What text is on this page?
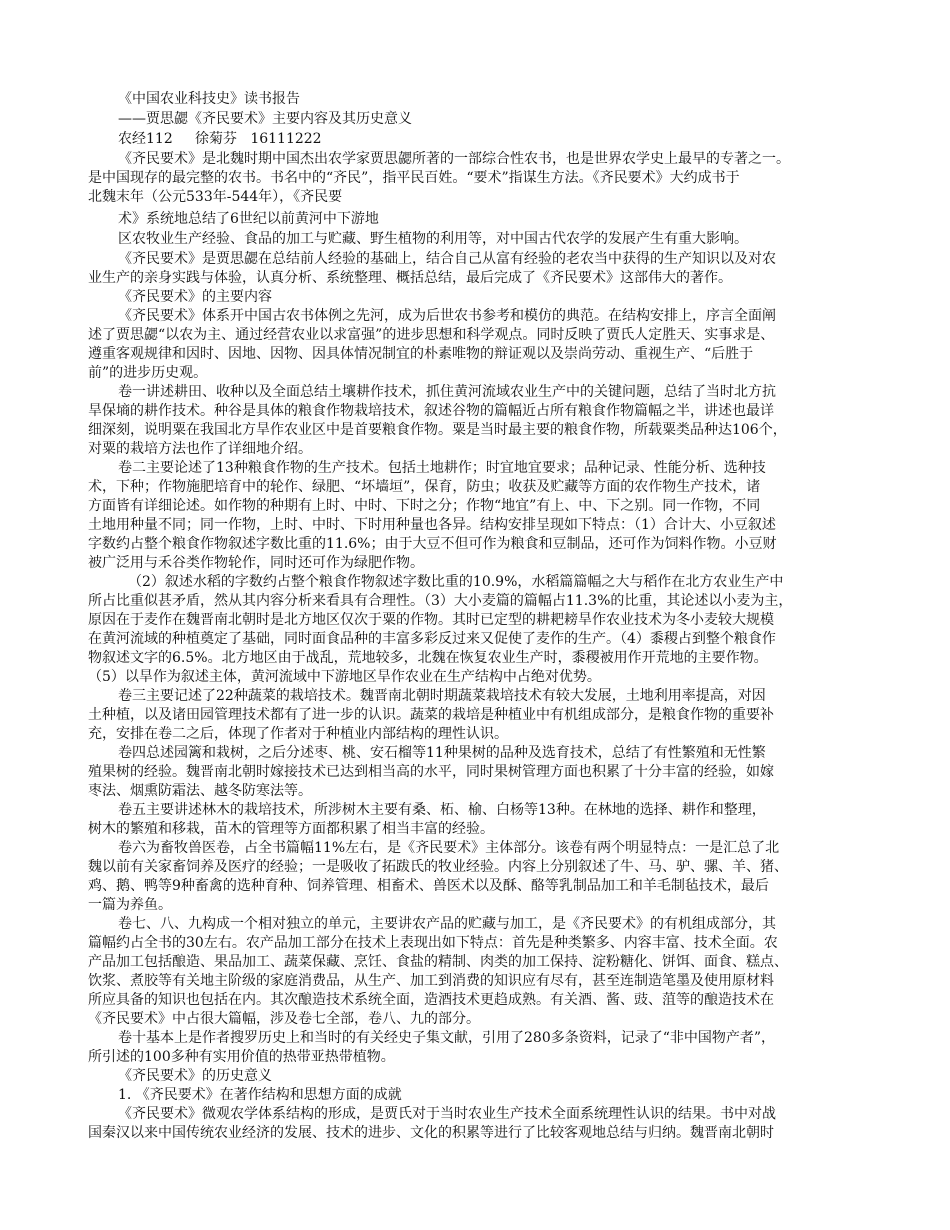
《中国农业科技史》读书报告

——贾思勰《齐民要术》主要内容及其历史意义

农经112     徐菊芬   16111222

《齐民要术》是北魏时期中国杰出农学家贾思勰所著的一部综合性农书，也是世界农学史上最早的专著之一。

是中国现存的最完整的农书。书名中的“齐民”，指平民百姓。“要术”指谋生方法。《齐民要术》大约成书于

北魏末年（公元533年-544年），《齐民要

术》系统地总结了6世纪以前黄河中下游地

区农牧业生产经验、食品的加工与贮藏、野生植物的利用等，对中国古代农学的发展产生有重大影响。

《齐民要术》是贾思勰在总结前人经验的基础上，结合自己从富有经验的老农当中获得的生产知识以及对农

业生产的亲身实践与体验，认真分析、系统整理、概括总结，最后完成了《齐民要术》这部伟大的著作。

《齐民要术》的主要内容

《齐民要术》体系开中国古农书体例之先河，成为后世农书参考和模仿的典范。在结构安排上，序言全面阐

述了贾思勰“以农为主、通过经营农业以求富强”的进步思想和科学观点。同时反映了贾氏人定胜天、实事求是、

遵重客观规律和因时、因地、因物、因具体情况制宜的朴素唯物的辩证观以及崇尚劳动、重视生产、“后胜于

前”的进步历史观。

卷一讲述耕田、收种以及全面总结土壤耕作技术，抓住黄河流域农业生产中的关键问题，总结了当时北方抗

旱保墒的耕作技术。种谷是具体的粮食作物栽培技术，叙述谷物的篇幅近占所有粮食作物篇幅之半，讲述也最详

细深刻，说明粟在我国北方旱作农业区中是首要粮食作物。粟是当时最主要的粮食作物，所载粟类品种达106个，

对粟的栽培方法也作了详细地介绍。

卷二主要论述了13种粮食作物的生产技术。包括土地耕作；时宜地宜要求；品种记录、性能分析、选种技

术，下种；作物施肥培育中的轮作、绿肥、“坏墙垣”，保育，防虫；收获及贮藏等方面的农作物生产技术，诸

方面皆有详细论述。如作物的种期有上时、中时、下时之分；作物“地宜”有上、中、下之别。同一作物，不同

土地用种量不同；同一作物，上时、中时、下时用种量也各异。结构安排呈现如下特点：（1）合计大、小豆叙述

字数约占整个粮食作物叙述字数比重的11.6%；由于大豆不但可作为粮食和豆制品，还可作为饲料作物。小豆财

被广泛用与禾谷类作物轮作，同时还可作为绿肥作物。

（2）叙述水稻的字数约占整个粮食作物叙述字数比重的10.9%，水稻篇篇幅之大与稻作在北方农业生产中

所占比重似甚矛盾，然从其内容分析来看具有合理性。（3）大小麦篇的篇幅占11.3%的比重，其论述以小麦为主，

原因在于麦作在魏晋南北朝时是北方地区仅次于粟的作物。其时已定型的耕耙耪旱作农业技术为冬小麦较大规模

在黄河流域的种植奠定了基础，同时面食品种的丰富多彩反过来又促使了麦作的生产。（4）黍稷占到整个粮食作

物叙述文字的6.5%。北方地区由于战乱，荒地较多，北魏在恢复农业生产时，黍稷被用作开荒地的主要作物。

（5）以旱作为叙述主体，黄河流域中下游地区旱作农业在生产结构中占绝对优势。

卷三主要记述了22种蔬菜的栽培技术。魏晋南北朝时期蔬菜栽培技术有较大发展，土地利用率提高，对因

土种植，以及诸田园管理技术都有了进一步的认识。蔬菜的栽培是种植业中有机组成部分，是粮食作物的重要补

充，安排在卷二之后，体现了作者对于种植业内部结构的理性认识。

卷四总述园篱和栽树，之后分述枣、桃、安石榴等11种果树的品种及选育技术，总结了有性繁殖和无性繁

殖果树的经验。魏晋南北朝时嫁接技术已达到相当高的水平，同时果树管理方面也积累了十分丰富的经验，如嫁

枣法、烟熏防霜法、越冬防寒法等。

卷五主要讲述林木的栽培技术，所涉树木主要有桑、柘、榆、白杨等13种。在林地的选择、耕作和整理，

树木的繁殖和移栽，苗木的管理等方面都积累了相当丰富的经验。

卷六为畜牧兽医卷，占全书篇幅11%左右，是《齐民要术》主体部分。该卷有两个明显特点：一是汇总了北

魏以前有关家畜饲养及医疗的经验；一是吸收了拓跋氏的牧业经验。内容上分别叙述了牛、马、驴、骡、羊、猪、

鸡、鹅、鸭等9种畜禽的选种育种、饲养管理、相畜术、兽医术以及酥、酪等乳制品加工和羊毛制毡技术，最后

一篇为养鱼。

卷七、八、九构成一个相对独立的单元，主要讲农产品的贮藏与加工，是《齐民要术》的有机组成部分，其

篇幅约占全书的30左右。农产品加工部分在技术上表现出如下特点：首先是种类繁多、内容丰富、技术全面。农

产品加工包括酿造、果品加工、蔬菜保藏、烹饪、食盐的精制、肉类的加工保持、淀粉糖化、饼饵、面食、糕点、

饮浆、煮胶等有关地主阶级的家庭消费品，从生产、加工到消费的知识应有尽有，甚至连制造笔墨及使用原材料

所应具备的知识也包括在内。其次酿造技术系统全面，造酒技术更趋成熟。有关酒、酱、豉、菹等的酿造技术在

《齐民要术》中占很大篇幅，涉及卷七全部，卷八、九的部分。

卷十基本上是作者搜罗历史上和当时的有关经史子集文献，引用了280多条资料，记录了“非中国物产者”，

所引述的100多种有实用价值的热带亚热带植物。

《齐民要术》的历史意义

1. 《齐民要术》在著作结构和思想方面的成就

《齐民要术》微观农学体系结构的形成，是贾氏对于当时农业生产技术全面系统理性认识的结果。书中对战

国秦汉以来中国传统农业经济的发展、技术的进步、文化的积累等进行了比较客观地总结与归纳。魏晋南北朝时
